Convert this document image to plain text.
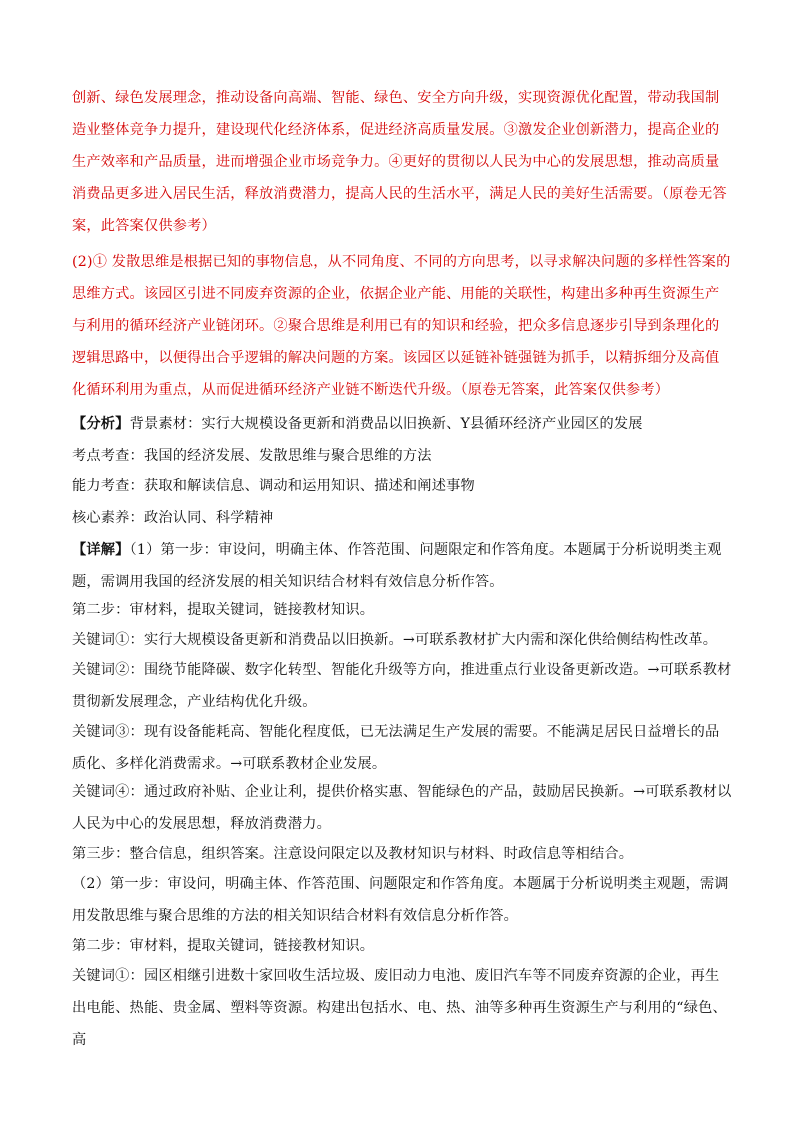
创新、绿色发展理念，推动设备向高端、智能、绿色、安全方向升级，实现资源优化配置，带动我国制造业整体竞争力提升，建设现代化经济体系，促进经济高质量发展。③激发企业创新潜力，提高企业的生产效率和产品质量，进而增强企业市场竞争力。④更好的贯彻以人民为中心的发展思想，推动高质量消费品更多进入居民生活，释放消费潜力，提高人民的生活水平，满足人民的美好生活需要。（原卷无答案，此答案仅供参考）
(2)① 发散思维是根据已知的事物信息，从不同角度、不同的方向思考，以寻求解决问题的多样性答案的思维方式。该园区引进不同废弃资源的企业，依据企业产能、用能的关联性，构建出多种再生资源生产与利用的循环经济产业链闭环。②聚合思维是利用已有的知识和经验，把众多信息逐步引导到条理化的逻辑思路中，以便得出合乎逻辑的解决问题的方案。该园区以延链补链强链为抓手，以精拆细分及高值化循环利用为重点，从而促进循环经济产业链不断迭代升级。（原卷无答案，此答案仅供参考）
【分析】背景素材：实行大规模设备更新和消费品以旧换新、Y县循环经济产业园区的发展
考点考查：我国的经济发展、发散思维与聚合思维的方法
能力考查：获取和解读信息、调动和运用知识、描述和阐述事物
核心素养：政治认同、科学精神
【详解】（1）第一步：审设问，明确主体、作答范围、问题限定和作答角度。本题属于分析说明类主观题，需调用我国的经济发展的相关知识结合材料有效信息分析作答。
第二步：审材料，提取关键词，链接教材知识。
关键词①：实行大规模设备更新和消费品以旧换新。→可联系教材扩大内需和深化供给侧结构性改革。
关键词②：围绕节能降碳、数字化转型、智能化升级等方向，推进重点行业设备更新改造。→可联系教材贯彻新发展理念，产业结构优化升级。
关键词③：现有设备能耗高、智能化程度低，已无法满足生产发展的需要。不能满足居民日益增长的品质化、多样化消费需求。→可联系教材企业发展。
关键词④：通过政府补贴、企业让利，提供价格实惠、智能绿色的产品，鼓励居民换新。→可联系教材以人民为中心的发展思想，释放消费潜力。
第三步：整合信息，组织答案。注意设问限定以及教材知识与材料、时政信息等相结合。
（2）第一步：审设问，明确主体、作答范围、问题限定和作答角度。本题属于分析说明类主观题，需调用发散思维与聚合思维的方法的相关知识结合材料有效信息分析作答。
第二步：审材料，提取关键词，链接教材知识。
关键词①：园区相继引进数十家回收生活垃圾、废旧动力电池、废旧汽车等不同废弃资源的企业，再生出电能、热能、贵金属、塑料等资源。构建出包括水、电、热、油等多种再生资源生产与利用的“绿色、高
